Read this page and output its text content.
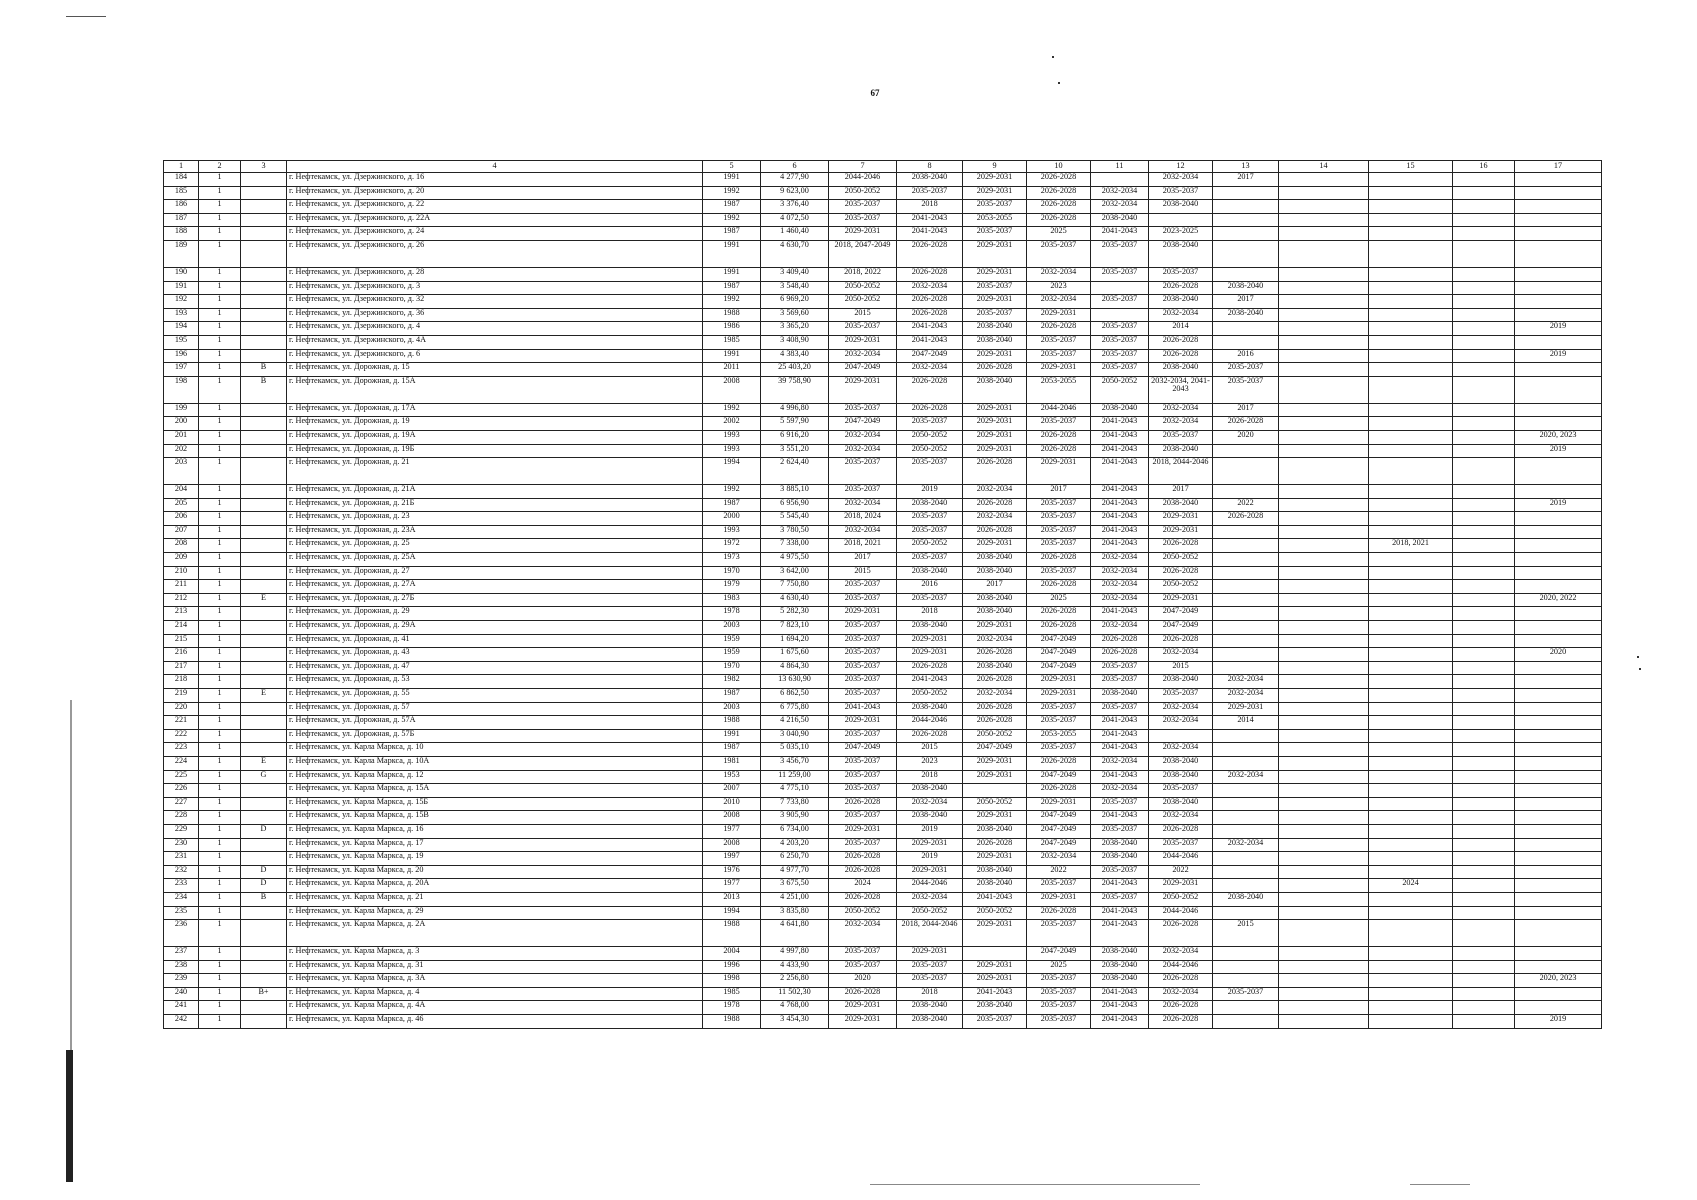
67
1	2	3	4	5	6	7	8	9	10	11	12	13	14	15	16	17
184	1		г. Нефтекамск, ул. Дзержинского, д. 16	1991	4 277,90	2044-2046	2038-2040	2029-2031	2026-2028		2032-2034	2017				
185	1		г. Нефтекамск, ул. Дзержинского, д. 20	1992	9 623,00	2050-2052	2035-2037	2029-2031	2026-2028	2032-2034	2035-2037					
186	1		г. Нефтекамск, ул. Дзержинского, д. 22	1987	3 376,40	2035-2037	2018	2035-2037	2026-2028	2032-2034	2038-2040					
187	1		г. Нефтекамск, ул. Дзержинского, д. 22А	1992	4 072,50	2035-2037	2041-2043	2053-2055	2026-2028	2038-2040						
188	1		г. Нефтекамск, ул. Дзержинского, д. 24	1987	1 460,40	2029-2031	2041-2043	2035-2037	2025	2041-2043	2023-2025					
189	1		г. Нефтекамск, ул. Дзержинского, д. 26	1991	4 630,70	2018, 2047-2049	2026-2028	2029-2031	2035-2037	2035-2037	2038-2040					
190	1		г. Нефтекамск, ул. Дзержинского, д. 28	1991	3 409,40	2018, 2022	2026-2028	2029-2031	2032-2034	2035-2037	2035-2037					
191	1		г. Нефтекамск, ул. Дзержинского, д. 3	1987	3 548,40	2050-2052	2032-2034	2035-2037	2023		2026-2028	2038-2040				
192	1		г. Нефтекамск, ул. Дзержинского, д. 32	1992	6 969,20	2050-2052	2026-2028	2029-2031	2032-2034	2035-2037	2038-2040	2017				
193	1		г. Нефтекамск, ул. Дзержинского, д. 36	1988	3 569,60	2015	2026-2028	2035-2037	2029-2031		2032-2034	2038-2040				
194	1		г. Нефтекамск, ул. Дзержинского, д. 4	1986	3 365,20	2035-2037	2041-2043	2038-2040	2026-2028	2035-2037	2014					2019
195	1		г. Нефтекамск, ул. Дзержинского, д. 4А	1985	3 408,90	2029-2031	2041-2043	2038-2040	2035-2037	2035-2037	2026-2028					
196	1		г. Нефтекамск, ул. Дзержинского, д. 6	1991	4 383,40	2032-2034	2047-2049	2029-2031	2035-2037	2035-2037	2026-2028	2016				2019
197	1	В	г. Нефтекамск, ул. Дорожная, д. 15	2011	25 403,20	2047-2049	2032-2034	2026-2028	2029-2031	2035-2037	2038-2040	2035-2037				
198	1	В	г. Нефтекамск, ул. Дорожная, д. 15А	2008	39 758,90	2029-2031	2026-2028	2038-2040	2053-2055	2050-2052	2032-2034, 2041-2043	2035-2037				
199	1		г. Нефтекамск, ул. Дорожная, д. 17А	1992	4 996,80	2035-2037	2026-2028	2029-2031	2044-2046	2038-2040	2032-2034	2017				
200	1		г. Нефтекамск, ул. Дорожная, д. 19	2002	5 597,90	2047-2049	2035-2037	2029-2031	2035-2037	2041-2043	2032-2034	2026-2028				
201	1		г. Нефтекамск, ул. Дорожная, д. 19А	1993	6 916,20	2032-2034	2050-2052	2029-2031	2026-2028	2041-2043	2035-2037	2020				2020, 2023
202	1		г. Нефтекамск, ул. Дорожная, д. 19Б	1993	3 551,20	2032-2034	2050-2052	2029-2031	2026-2028	2041-2043	2038-2040					2019
203	1		г. Нефтекамск, ул. Дорожная, д. 21	1994	2 624,40	2035-2037	2035-2037	2026-2028	2029-2031	2041-2043	2018, 2044-2046					
204	1		г. Нефтекамск, ул. Дорожная, д. 21А	1992	3 885,10	2035-2037	2019	2032-2034	2017	2041-2043	2017					
205	1		г. Нефтекамск, ул. Дорожная, д. 21Б	1987	6 956,90	2032-2034	2038-2040	2026-2028	2035-2037	2041-2043	2038-2040	2022				2019
206	1		г. Нефтекамск, ул. Дорожная, д. 23	2000	5 545,40	2018, 2024	2035-2037	2032-2034	2035-2037	2041-2043	2029-2031	2026-2028				
207	1		г. Нефтекамск, ул. Дорожная, д. 23А	1993	3 780,50	2032-2034	2035-2037	2026-2028	2035-2037	2041-2043	2029-2031					
208	1		г. Нефтекамск, ул. Дорожная, д. 25	1972	7 338,00	2018, 2021	2050-2052	2029-2031	2035-2037	2041-2043	2026-2028			2018, 2021		
209	1		г. Нефтекамск, ул. Дорожная, д. 25А	1973	4 975,50	2017	2035-2037	2038-2040	2026-2028	2032-2034	2050-2052					
210	1		г. Нефтекамск, ул. Дорожная, д. 27	1970	3 642,00	2015	2038-2040	2038-2040	2035-2037	2032-2034	2026-2028					
211	1		г. Нефтекамск, ул. Дорожная, д. 27А	1979	7 750,80	2035-2037	2016	2017	2026-2028	2032-2034	2050-2052					
212	1	Е	г. Нефтекамск, ул. Дорожная, д. 27Б	1983	4 630,40	2035-2037	2035-2037	2038-2040	2025	2032-2034	2029-2031					2020, 2022
213	1		г. Нефтекамск, ул. Дорожная, д. 29	1978	5 282,30	2029-2031	2018	2038-2040	2026-2028	2041-2043	2047-2049					
214	1		г. Нефтекамск, ул. Дорожная, д. 29А	2003	7 823,10	2035-2037	2038-2040	2029-2031	2026-2028	2032-2034	2047-2049					
215	1		г. Нефтекамск, ул. Дорожная, д. 41	1959	1 694,20	2035-2037	2029-2031	2032-2034	2047-2049	2026-2028	2026-2028					
216	1		г. Нефтекамск, ул. Дорожная, д. 43	1959	1 675,60	2035-2037	2029-2031	2026-2028	2047-2049	2026-2028	2032-2034					2020
217	1		г. Нефтекамск, ул. Дорожная, д. 47	1970	4 864,30	2035-2037	2026-2028	2038-2040	2047-2049	2035-2037	2015					
218	1		г. Нефтекамск, ул. Дорожная, д. 53	1982	13 630,90	2035-2037	2041-2043	2026-2028	2029-2031	2035-2037	2038-2040	2032-2034				
219	1	Е	г. Нефтекамск, ул. Дорожная, д. 55	1987	6 862,50	2035-2037	2050-2052	2032-2034	2029-2031	2038-2040	2035-2037	2032-2034				
220	1		г. Нефтекамск, ул. Дорожная, д. 57	2003	6 775,80	2041-2043	2038-2040	2026-2028	2035-2037	2035-2037	2032-2034	2029-2031				
221	1		г. Нефтекамск, ул. Дорожная, д. 57А	1988	4 216,50	2029-2031	2044-2046	2026-2028	2035-2037	2041-2043	2032-2034	2014				
222	1		г. Нефтекамск, ул. Дорожная, д. 57Б	1991	3 040,90	2035-2037	2026-2028	2050-2052	2053-2055	2041-2043						
223	1		г. Нефтекамск, ул. Карла Маркса, д. 10	1987	5 035,10	2047-2049	2015	2047-2049	2035-2037	2041-2043	2032-2034					
224	1	Е	г. Нефтекамск, ул. Карла Маркса, д. 10А	1981	3 456,70	2035-2037	2023	2029-2031	2026-2028	2032-2034	2038-2040					
225	1	G	г. Нефтекамск, ул. Карла Маркса, д. 12	1953	11 259,00	2035-2037	2018	2029-2031	2047-2049	2041-2043	2038-2040	2032-2034				
226	1		г. Нефтекамск, ул. Карла Маркса, д. 15А	2007	4 775,10	2035-2037	2038-2040		2026-2028	2032-2034	2035-2037					
227	1		г. Нефтекамск, ул. Карла Маркса, д. 15Б	2010	7 733,80	2026-2028	2032-2034	2050-2052	2029-2031	2035-2037	2038-2040					
228	1		г. Нефтекамск, ул. Карла Маркса, д. 15В	2008	3 905,90	2035-2037	2038-2040	2029-2031	2047-2049	2041-2043	2032-2034					
229	1	D	г. Нефтекамск, ул. Карла Маркса, д. 16	1977	6 734,00	2029-2031	2019	2038-2040	2047-2049	2035-2037	2026-2028					
230	1		г. Нефтекамск, ул. Карла Маркса, д. 17	2008	4 203,20	2035-2037	2029-2031	2026-2028	2047-2049	2038-2040	2035-2037	2032-2034				
231	1		г. Нефтекамск, ул. Карла Маркса, д. 19	1997	6 250,70	2026-2028	2019	2029-2031	2032-2034	2038-2040	2044-2046					
232	1	D	г. Нефтекамск, ул. Карла Маркса, д. 20	1976	4 977,70	2026-2028	2029-2031	2038-2040	2022	2035-2037	2022					
233	1	D	г. Нефтекамск, ул. Карла Маркса, д. 20А	1977	3 675,50	2024	2044-2046	2038-2040	2035-2037	2041-2043	2029-2031			2024		
234	1	В	г. Нефтекамск, ул. Карла Маркса, д. 21	2013	4 251,00	2026-2028	2032-2034	2041-2043	2029-2031	2035-2037	2050-2052	2038-2040				
235	1		г. Нефтекамск, ул. Карла Маркса, д. 29	1994	3 835,80	2050-2052	2050-2052	2050-2052	2026-2028	2041-2043	2044-2046					
236	1		г. Нефтекамск, ул. Карла Маркса, д. 2А	1988	4 641,80	2032-2034	2018, 2044-2046	2029-2031	2035-2037	2041-2043	2026-2028	2015				
237	1		г. Нефтекамск, ул. Карла Маркса, д. 3	2004	4 997,80	2035-2037	2029-2031		2047-2049	2038-2040	2032-2034					
238	1		г. Нефтекамск, ул. Карла Маркса, д. 31	1996	4 433,90	2035-2037	2035-2037	2029-2031	2025	2038-2040	2044-2046					
239	1		г. Нефтекамск, ул. Карла Маркса, д. 3А	1998	2 256,80	2020	2035-2037	2029-2031	2035-2037	2038-2040	2026-2028					2020, 2023
240	1	В+	г. Нефтекамск, ул. Карла Маркса, д. 4	1985	11 502,30	2026-2028	2018	2041-2043	2035-2037	2041-2043	2032-2034	2035-2037				
241	1		г. Нефтекамск, ул. Карла Маркса, д. 4А	1978	4 768,00	2029-2031	2038-2040	2038-2040	2035-2037	2041-2043	2026-2028					
242	1		г. Нефтекамск, ул. Карла Маркса, д. 46	1988	3 454,30	2029-2031	2038-2040	2035-2037	2035-2037	2041-2043	2026-2028					2019
